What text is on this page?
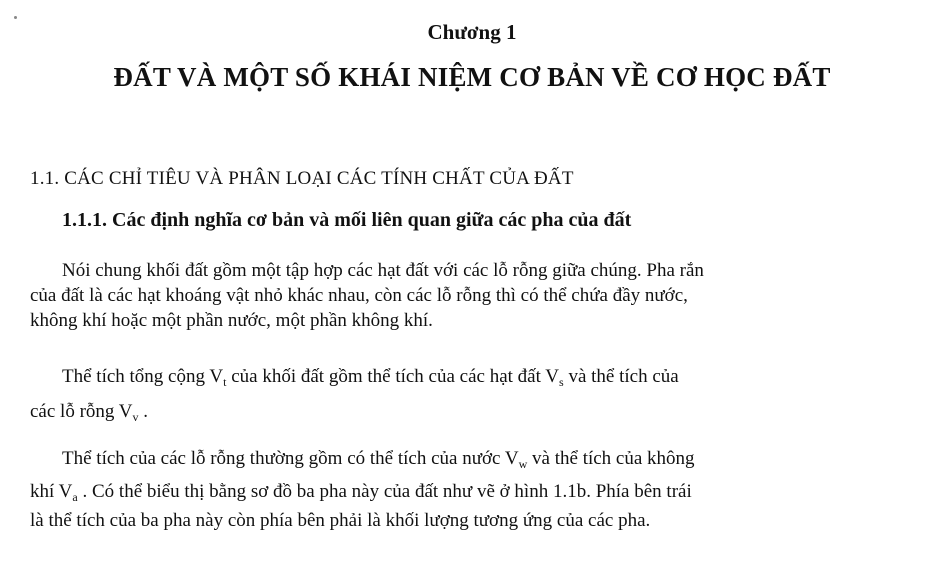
Chương 1
ĐẤT VÀ MỘT SỐ KHÁI NIỆM CƠ BẢN VỀ CƠ HỌC ĐẤT
1.1. CÁC CHỈ TIÊU VÀ PHÂN LOẠI CÁC TÍNH CHẤT CỦA ĐẤT
1.1.1. Các định nghĩa cơ bản và mối liên quan giữa các pha của đất
Nói chung khối đất gồm một tập hợp các hạt đất với các lỗ rỗng giữa chúng. Pha rắn
của đất là các hạt khoáng vật nhỏ khác nhau, còn các lỗ rỗng thì có thể chứa đầy nước,
không khí hoặc một phần nước, một phần không khí.
Thể tích tổng cộng $V_t$ của khối đất gồm thể tích của các hạt đất $V_s$ và thể tích của
các lỗ rỗng $V_v$ .
Thể tích của các lỗ rỗng thường gồm có thể tích của nước $V_w$ và thể tích của không
khí $V_a$ . Có thể biểu thị bằng sơ đồ ba pha này của đất như vẽ ở hình 1.1b. Phía bên trái
là thể tích của ba pha này còn phía bên phải là khối lượng tương ứng của các pha.
